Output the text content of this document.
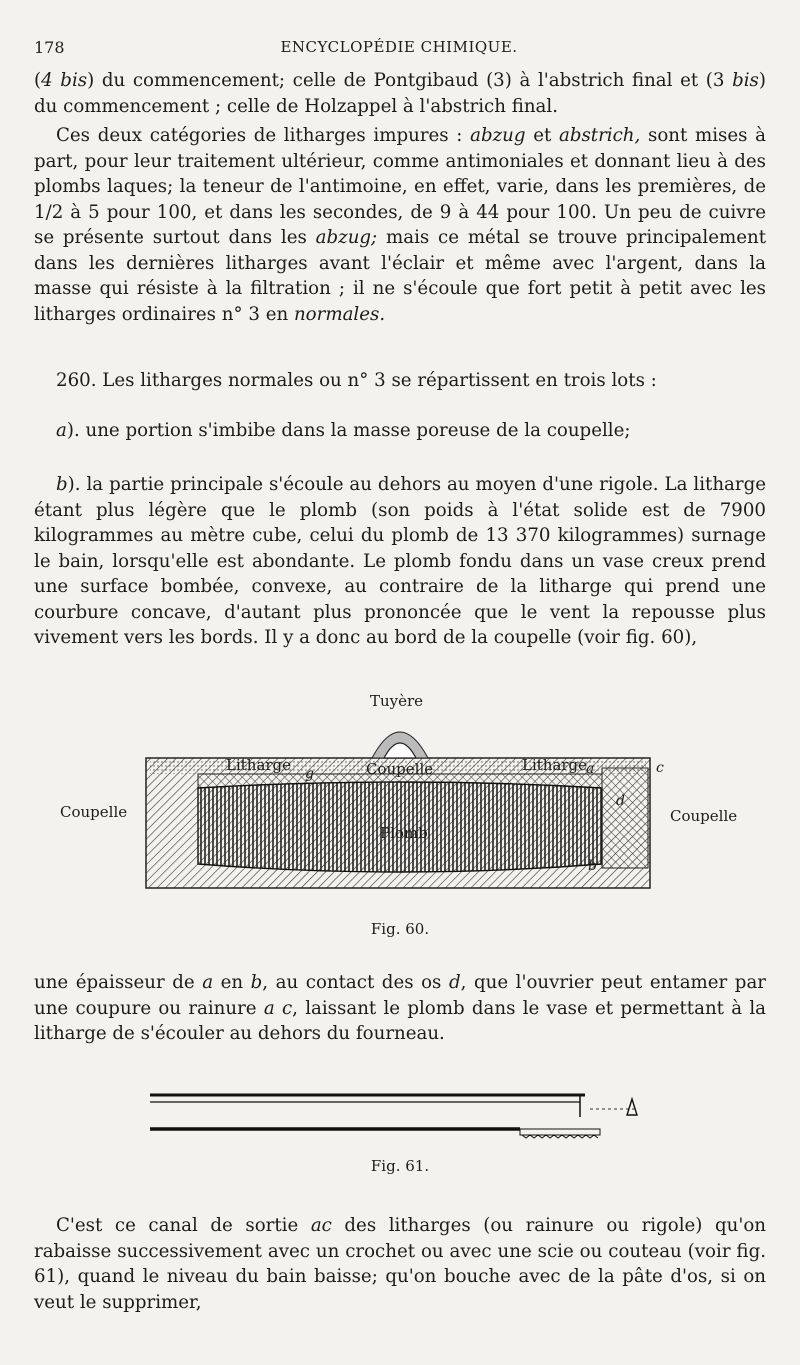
178	ENCYCLOPÉDIE CHIMIQUE.

(4 bis) du commencement; celle de Pontgibaud (3) à l'abstrich final et (3 bis) du commencement ; celle de Holzappel à l'abstrich final.

Ces deux catégories de litharges impures : abzug et abstrich, sont mises à part, pour leur traitement ultérieur, comme antimoniales et donnant lieu à des plombs laques; la teneur de l'antimoine, en effet, varie, dans les premières, de 1/2 à 5 pour 100, et dans les secondes, de 9 à 44 pour 100. Un peu de cuivre se présente surtout dans les abzug; mais ce métal se trouve principalement dans les dernières litharges avant l'éclair et même avec l'argent, dans la masse qui résiste à la filtration ; il ne s'écoule que fort petit à petit avec les litharges ordinaires n° 3 en normales.

260. Les litharges normales ou n° 3 se répartissent en trois lots :

a). une portion s'imbibe dans la masse poreuse de la coupelle;

b). la partie principale s'écoule au dehors au moyen d'une rigole. La litharge étant plus légère que le plomb (son poids à l'état solide est de 7900 kilogrammes au mètre cube, celui du plomb de 13 370 kilogrammes) surnage le bain, lorsqu'elle est abondante. Le plomb fondu dans un vase creux prend une surface bombée, convexe, au contraire de la litharge qui prend une courbure concave, d'autant plus prononcée que le vent la repousse plus vivement vers les bords. Il y a donc au bord de la coupelle (voir fig. 60),

Tuyère
Litharge	Coupelle	Litharge
Coupelle	Coupelle
Plomb
a
b
c
d
g
Fig. 60.

une épaisseur de a en b, au contact des os d, que l'ouvrier peut entamer par une coupure ou rainure a c, laissant le plomb dans le vase et permettant à la litharge de s'écouler au dehors du fourneau.

Fig. 61.

C'est ce canal de sortie ac des litharges (ou rainure ou rigole) qu'on rabaisse successivement avec un crochet ou avec une scie ou couteau (voir fig. 61), quand le niveau du bain baisse; qu'on bouche avec de la pâte d'os, si on veut le supprimer,
